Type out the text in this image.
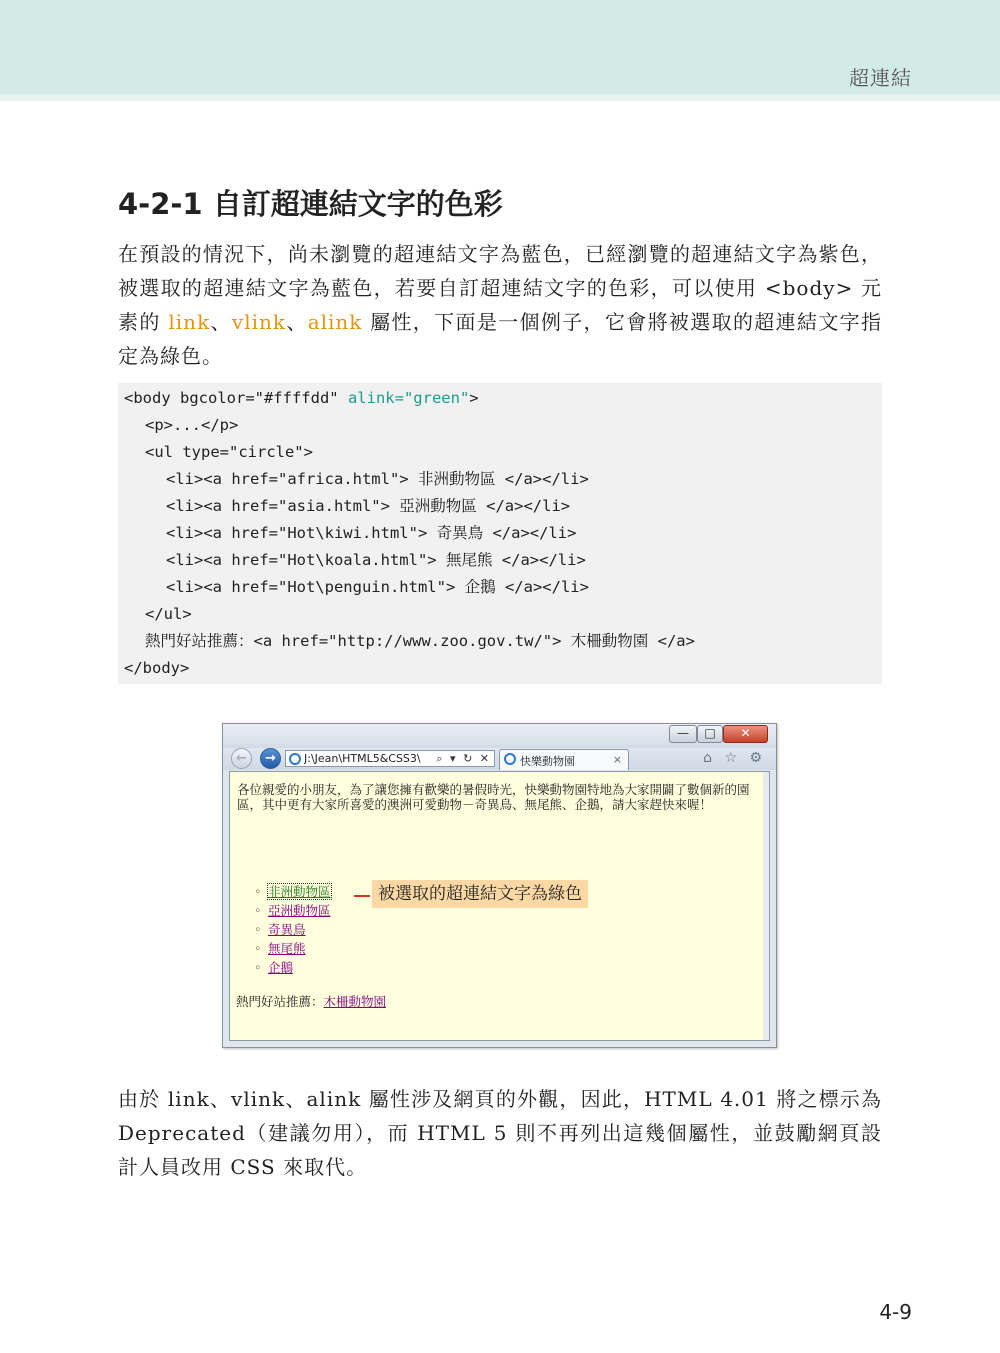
超連結
4-2-1 自訂超連結文字的色彩
在預設的情況下，尚未瀏覽的超連結文字為藍色，已經瀏覽的超連結文字為紫色，被選取的超連結文字為藍色，若要自訂超連結文字的色彩，可以使用 <body> 元素的 link、vlink、alink 屬性，下面是一個例子，它會將被選取的超連結文字指定為綠色。
<body bgcolor="#ffffdd" alink="green">
<p>...</p>
<ul type="circle">
<li><a href="africa.html"> 非洲動物區 </a></li>
<li><a href="asia.html"> 亞洲動物區 </a></li>
<li><a href="Hot\kiwi.html"> 奇異鳥 </a></li>
<li><a href="Hot\koala.html"> 無尾熊 </a></li>
<li><a href="Hot\penguin.html"> 企鵝 </a></li>
</ul>
熱門好站推薦：<a href="http://www.zoo.gov.tw/"> 木柵動物園 </a>
</body>
—	□	✕
←	→	J:\Jean\HTML5&CSS3\	⌕ ▾ ↻ ✕	快樂動物園	×	⌂ ☆ ⚙
各位親愛的小朋友，為了讓您擁有歡樂的暑假時光，快樂動物園特地為大家開闢了數個新的園區，其中更有大家所喜愛的澳洲可愛動物－奇異鳥、無尾熊、企鵝，請大家趕快來喔！
◦ 非洲動物區
◦ 亞洲動物區
◦ 奇異鳥
◦ 無尾熊
◦ 企鵝
熱門好站推薦：木柵動物園
被選取的超連結文字為綠色
由於 link、vlink、alink 屬性涉及網頁的外觀，因此，HTML 4.01 將之標示為 Deprecated（建議勿用），而 HTML 5 則不再列出這幾個屬性，並鼓勵網頁設計人員改用 CSS 來取代。
4-9
